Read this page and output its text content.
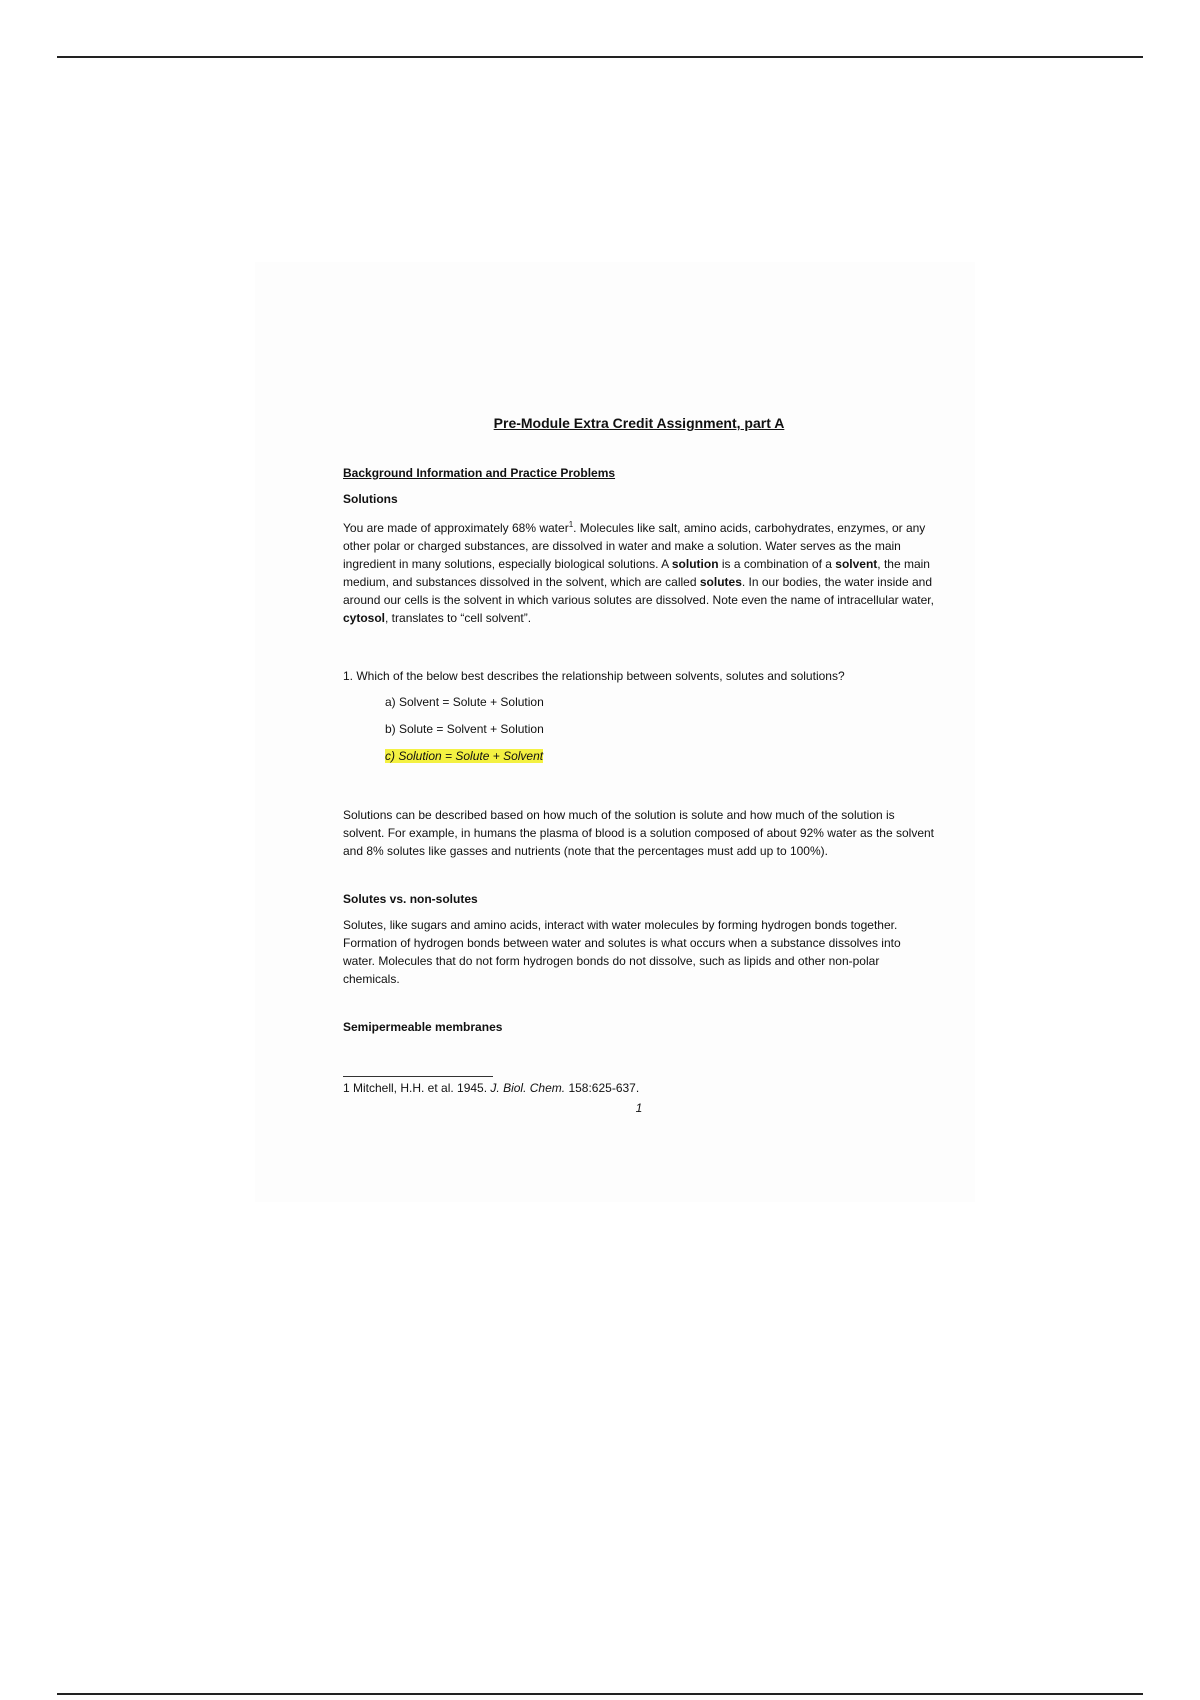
Pre-Module Extra Credit Assignment, part A
Background Information and Practice Problems
Solutions

You are made of approximately 68% water$^1$. Molecules like salt, amino acids, carbohydrates, enzymes, or any other polar or charged substances, are dissolved in water and make a solution. Water serves as the main ingredient in many solutions, especially biological solutions. A solution is a combination of a solvent, the main medium, and substances dissolved in the solvent, which are called solutes. In our bodies, the water inside and around our cells is the solvent in which various solutes are dissolved. Note even the name of intracellular water, cytosol, translates to “cell solvent”.

1. Which of the below best describes the relationship between solvents, solutes and solutions?
a) Solvent = Solute + Solution
b) Solute = Solvent + Solution
c) Solution = Solute + Solvent

Solutions can be described based on how much of the solution is solute and how much of the solution is solvent. For example, in humans the plasma of blood is a solution composed of about 92% water as the solvent and 8% solutes like gasses and nutrients (note that the percentages must add up to 100%).

Solutes vs. non-solutes

Solutes, like sugars and amino acids, interact with water molecules by forming hydrogen bonds together. Formation of hydrogen bonds between water and solutes is what occurs when a substance dissolves into water. Molecules that do not form hydrogen bonds do not dissolve, such as lipids and other non-polar chemicals.

Semipermeable membranes

1 Mitchell, H.H. et al. 1945. J. Biol. Chem. 158:625-637.

1
